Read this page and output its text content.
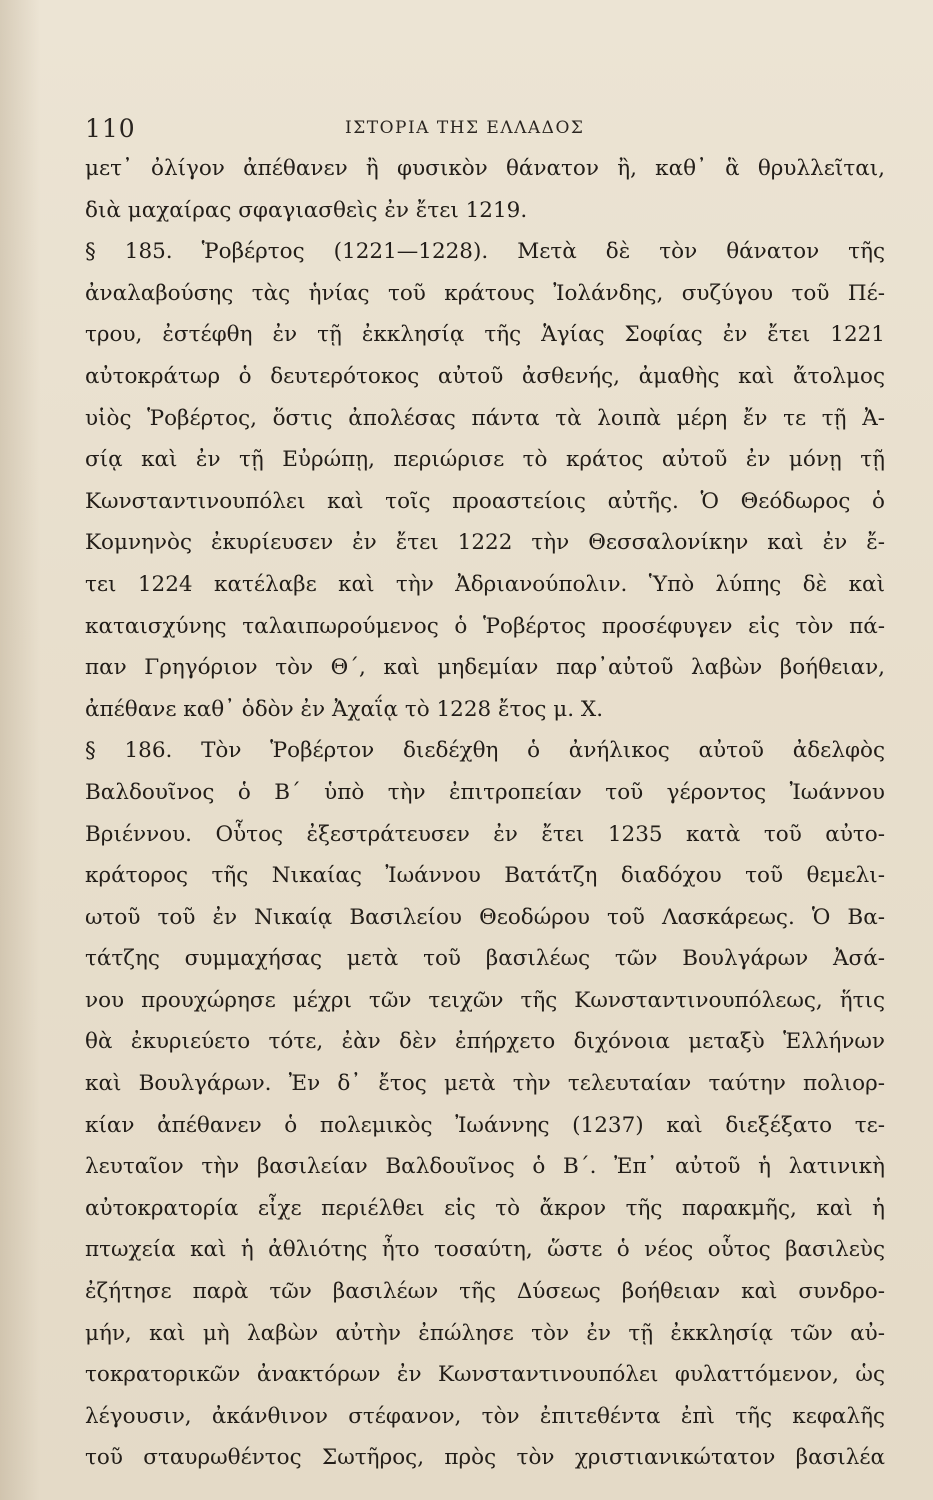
110	ΙΣΤΟΡΙΑ ΤΗΣ ΕΛΛΑΔΟΣ
μετ᾽ ὀλίγον ἀπέθανεν ἢ φυσικὸν θάνατον ἢ, καθ᾽ ἃ θρυλλεῖται,
διὰ μαχαίρας σφαγιασθεὶς ἐν ἔτει 1219.
§ 185. Ῥοβέρτος (1221—1228). Μετὰ δὲ τὸν θάνατον τῆς
ἀναλαβούσης τὰς ἡνίας τοῦ κράτους Ἰολάνδης, συζύγου τοῦ Πέ-
τρου, ἐστέφθη ἐν τῇ ἐκκλησίᾳ τῆς Ἁγίας Σοφίας ἐν ἔτει 1221
αὐτοκράτωρ ὁ δευτερότοκος αὐτοῦ ἀσθενής, ἀμαθὴς καὶ ἄτολμος
υἱὸς Ῥοβέρτος, ὅστις ἀπολέσας πάντα τὰ λοιπὰ μέρη ἔν τε τῇ Ἀ-
σίᾳ καὶ ἐν τῇ Εὐρώπῃ, περιώρισε τὸ κράτος αὐτοῦ ἐν μόνῃ τῇ
Κωνσταντινουπόλει καὶ τοῖς προαστείοις αὐτῆς. Ὁ Θεόδωρος ὁ
Κομνηνὸς ἐκυρίευσεν ἐν ἔτει 1222 τὴν Θεσσαλονίκην καὶ ἐν ἔ-
τει 1224 κατέλαβε καὶ τὴν Ἀδριανούπολιν. Ὑπὸ λύπης δὲ καὶ
καταισχύνης ταλαιπωρούμενος ὁ Ῥοβέρτος προσέφυγεν εἰς τὸν πά-
παν Γρηγόριον τὸν Θ΄, καὶ μηδεμίαν παρ᾽αὐτοῦ λαβὼν βοήθειαν,
ἀπέθανε καθ᾽ ὁδὸν ἐν Ἀχαΐᾳ τὸ 1228 ἔτος μ. Χ.
§ 186. Τὸν Ῥοβέρτον διεδέχθη ὁ ἀνήλικος αὐτοῦ ἀδελφὸς
Βαλδουῖνος ὁ Β΄ ὑπὸ τὴν ἐπιτροπείαν τοῦ γέροντος Ἰωάννου
Βριέννου. Οὗτος ἐξεστράτευσεν ἐν ἔτει 1235 κατὰ τοῦ αὐτο-
κράτορος τῆς Νικαίας Ἰωάννου Βατάτζη διαδόχου τοῦ θεμελι-
ωτοῦ τοῦ ἐν Νικαίᾳ Βασιλείου Θεοδώρου τοῦ Λασκάρεως. Ὁ Βα-
τάτζης συμμαχήσας μετὰ τοῦ βασιλέως τῶν Βουλγάρων Ἀσά-
νου προυχώρησε μέχρι τῶν τειχῶν τῆς Κωνσταντινουπόλεως, ἥτις
θὰ ἐκυριεύετο τότε, ἐὰν δὲν ἐπήρχετο διχόνοια μεταξὺ Ἑλλήνων
καὶ Βουλγάρων. Ἐν δ᾽ ἔτος μετὰ τὴν τελευταίαν ταύτην πολιορ-
κίαν ἀπέθανεν ὁ πολεμικὸς Ἰωάννης (1237) καὶ διεξέξατο τε-
λευταῖον τὴν βασιλείαν Βαλδουῖνος ὁ Β΄. Ἐπ᾽ αὐτοῦ ἡ λατινικὴ
αὐτοκρατορία εἶχε περιέλθει εἰς τὸ ἄκρον τῆς παρακμῆς, καὶ ἡ
πτωχεία καὶ ἡ ἀθλιότης ἦτο τοσαύτη, ὥστε ὁ νέος οὗτος βασιλεὺς
ἐζήτησε παρὰ τῶν βασιλέων τῆς Δύσεως βοήθειαν καὶ συνδρο-
μήν, καὶ μὴ λαβὼν αὐτὴν ἐπώλησε τὸν ἐν τῇ ἐκκλησίᾳ τῶν αὐ-
τοκρατορικῶν ἀνακτόρων ἐν Κωνσταντινουπόλει φυλαττόμενον, ὡς
λέγουσιν, ἀκάνθινον στέφανον, τὸν ἐπιτεθέντα ἐπὶ τῆς κεφαλῆς
τοῦ σταυρωθέντος Σωτῆρος, πρὸς τὸν χριστιανικώτατον βασιλέα
